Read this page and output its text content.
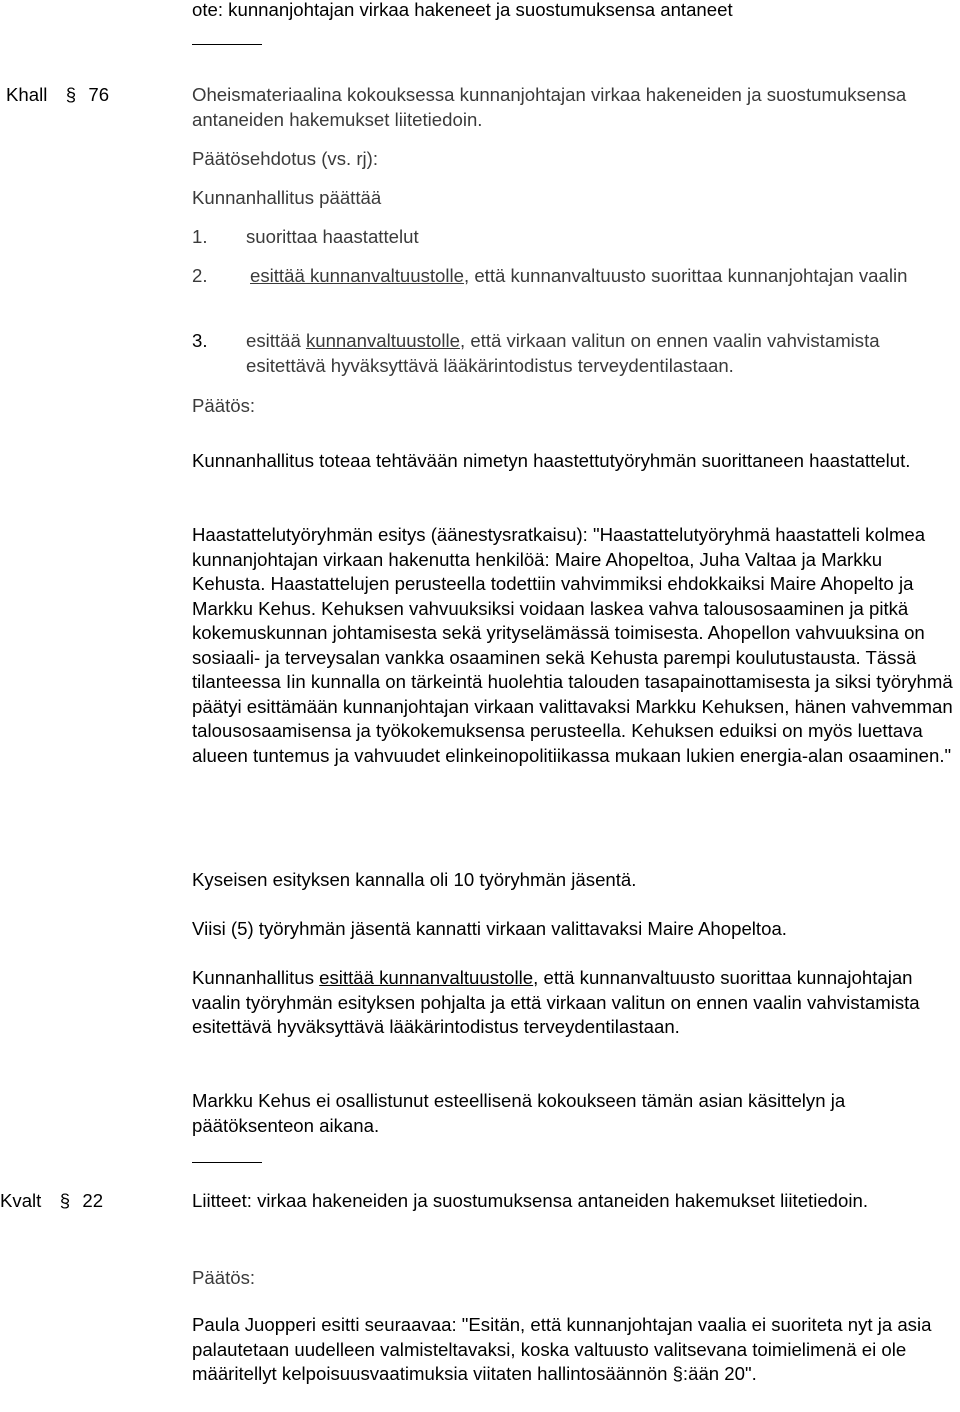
ote: kunnanjohtajan virkaa hakeneet ja suostumuksensa antaneet
Khall § 76	Oheismateriaalina kokouksessa kunnanjohtajan virkaa hakeneiden ja suostumuksensa antaneiden hakemukset liitetiedoin.
Päätösehdotus (vs. rj):
Kunnanhallitus päättää
1. suorittaa haastattelut
2. esittää kunnanvaltuustolle, että kunnanvaltuusto suorittaa kunnanjohtajan vaalin
3. esittää kunnanvaltuustolle, että virkaan valitun on ennen vaalin vahvistamista esitettävä hyväksyttävä lääkärintodistus terveydentilastaan.
Päätös:
Kunnanhallitus toteaa tehtävään nimetyn haastettutyöryhmän suorittaneen haastattelut.
Haastattelutyöryhmän esitys (äänestysratkaisu): "Haastattelutyöryhmä haastatteli kolmea kunnanjohtajan virkaan hakenutta henkilöä: Maire Ahopeltoa, Juha Valtaa ja Markku Kehusta. Haastattelujen perusteella todettiin vahvimmiksi ehdokkaiksi Maire Ahopelto ja Markku Kehus. Kehuksen vahvuuksiksi voidaan laskea vahva talousosaaminen ja pitkä kokemuskunnan johtamisesta sekä yrityselämässä toimisesta. Ahopellon vahvuuksina on sosiaali- ja terveysalan vankka osaaminen sekä Kehusta parempi koulutustausta. Tässä tilanteessa Iin kunnalla on tärkeintä huolehtia talouden tasapainottamisesta ja siksi työryhmä päätyi esittämään kunnanjohtajan virkaan valittavaksi Markku Kehuksen, hänen vahvemman talousosaamisensa ja työkokemuksensa perusteella. Kehuksen eduiksi on myös luettava alueen tuntemus ja vahvuudet elinkeinopolitiikassa mukaan lukien energia-alan osaaminen."
Kyseisen esityksen kannalla oli 10 työryhmän jäsentä.
Viisi (5) työryhmän jäsentä kannatti virkaan valittavaksi Maire Ahopeltoa.
Kunnanhallitus esittää kunnanvaltuustolle, että kunnanvaltuusto suorittaa kunnajohtajan vaalin työryhmän esityksen pohjalta ja että virkaan valitun on ennen vaalin vahvistamista esitettävä hyväksyttävä lääkärintodistus terveydentilastaan.
Markku Kehus ei osallistunut esteellisenä kokoukseen tämän asian käsittelyn ja päätöksenteon aikana.
Kvalt § 22	Liitteet: virkaa hakeneiden ja suostumuksensa antaneiden hakemukset liitetiedoin.
Päätös:
Paula Juopperi esitti seuraavaa: "Esitän, että kunnanjohtajan vaalia ei suoriteta nyt ja asia palautetaan uudelleen valmisteltavaksi, koska valtuusto valitsevana toimielimenä ei ole määritellyt kelpoisuusvaatimuksia viitaten hallintosäännön §:ään 20".
